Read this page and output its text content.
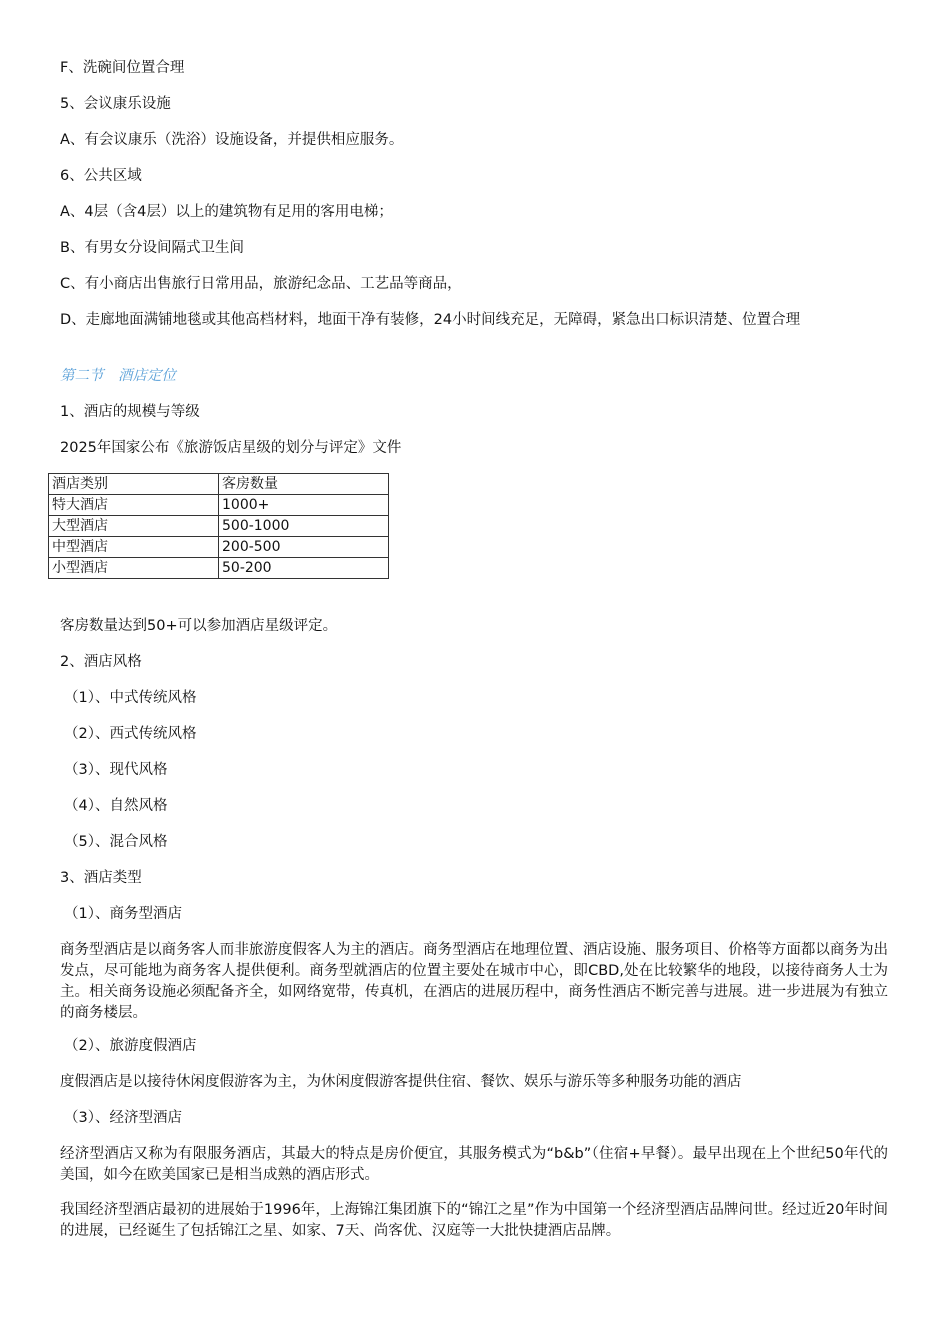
F、洗碗间位置合理
5、会议康乐设施
A、有会议康乐（洗浴）设施设备，并提供相应服务。
6、公共区域
A、4层（含4层）以上的建筑物有足用的客用电梯；
B、有男女分设间隔式卫生间
C、有小商店出售旅行日常用品，旅游纪念品、工艺品等商品，
D、走廊地面满铺地毯或其他高档材料，地面干净有装修，24小时间线充足，无障碍，紧急出口标识清楚、位置合理
第二节　酒店定位
1、酒店的规模与等级
2025年国家公布《旅游饭店星级的划分与评定》文件
酒店类别	客房数量
特大酒店	1000+
大型酒店	500-1000
中型酒店	200-500
小型酒店	50-200
客房数量达到50+可以参加酒店星级评定。
2、酒店风格
（1）、中式传统风格
（2）、西式传统风格
（3）、现代风格
（4）、自然风格
（5）、混合风格
3、酒店类型
（1）、商务型酒店
商务型酒店是以商务客人而非旅游度假客人为主的酒店。商务型酒店在地理位置、酒店设施、服务项目、价格等方面都以商务为出发点，尽可能地为商务客人提供便利。商务型就酒店的位置主要处在城市中心，即CBD,处在比较繁华的地段，以接待商务人士为主。相关商务设施必须配备齐全，如网络宽带，传真机，在酒店的进展历程中，商务性酒店不断完善与进展。进一步进展为有独立的商务楼层。
（2）、旅游度假酒店
度假酒店是以接待休闲度假游客为主，为休闲度假游客提供住宿、餐饮、娱乐与游乐等多种服务功能的酒店
（3）、经济型酒店
经济型酒店又称为有限服务酒店，其最大的特点是房价便宜，其服务模式为“b&b”（住宿+早餐）。最早出现在上个世纪50年代的美国，如今在欧美国家已是相当成熟的酒店形式。
我国经济型酒店最初的进展始于1996年，上海锦江集团旗下的“锦江之星”作为中国第一个经济型酒店品牌问世。经过近20年时间的进展，已经诞生了包括锦江之星、如家、7天、尚客优、汉庭等一大批快捷酒店品牌。
